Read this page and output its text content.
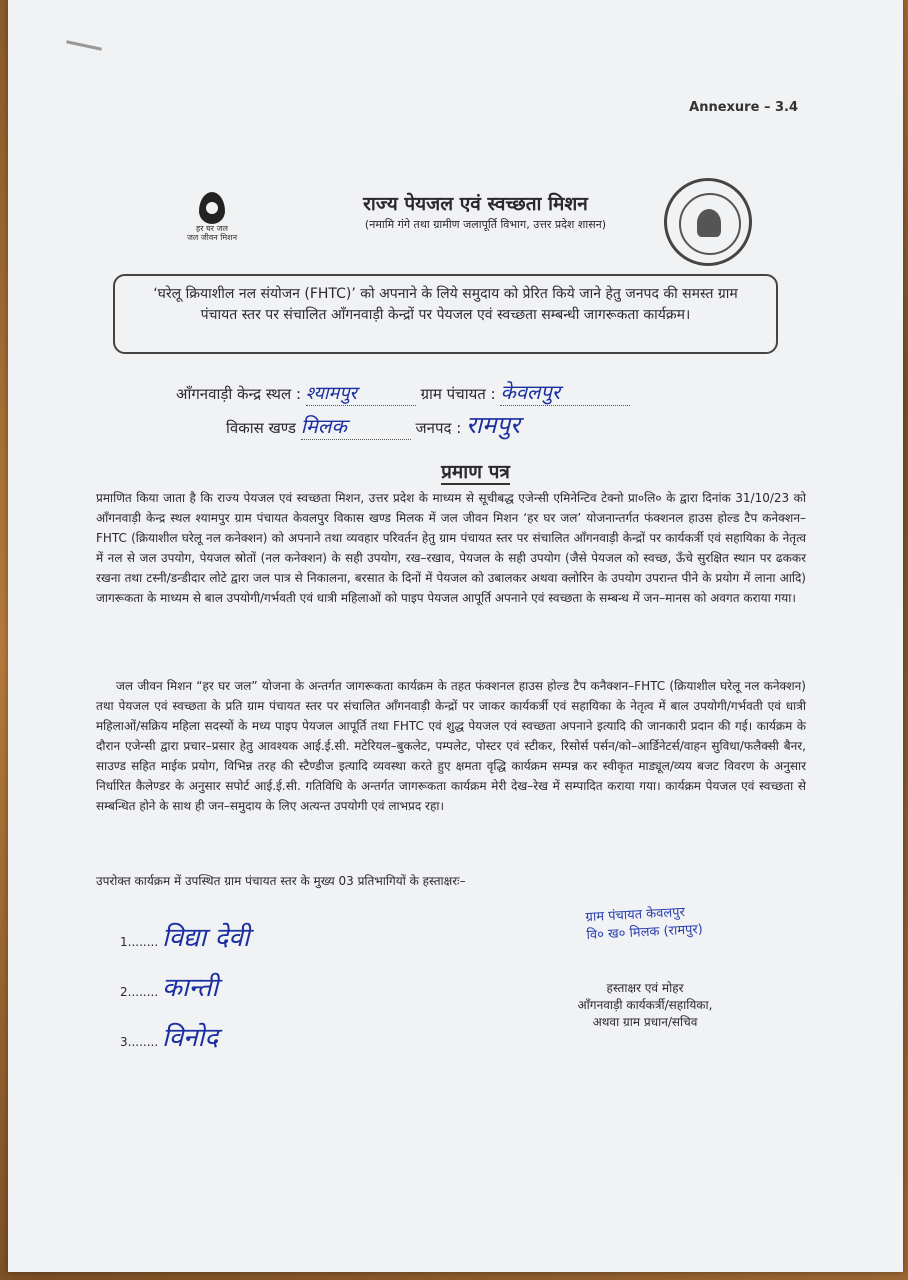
Annexure – 3.4
हर घर जल
जल जीवन मिशन
राज्य पेयजल एवं स्वच्छता मिशन
(नमामि गंगे तथा ग्रामीण जलापूर्ति विभाग, उत्तर प्रदेश शासन)
‘घरेलू क्रियाशील नल संयोजन (FHTC)’ को अपनाने के लिये समुदाय को प्रेरित किये जाने हेतु जनपद की समस्त ग्राम पंचायत स्तर पर संचालित आँगनवाड़ी केन्द्रों पर पेयजल एवं स्वच्छता सम्बन्धी जागरूकता कार्यक्रम।
आँगनवाड़ी केन्द्र स्थल : श्यामपुर	ग्राम पंचायत : केवलपुर
विकास खण्ड मिलक	जनपद : रामपुर
प्रमाण पत्र
प्रमाणित किया जाता है कि राज्य पेयजल एवं स्वच्छता मिशन, उत्तर प्रदेश के माध्यम से सूचीबद्ध एजेन्सी एमिनेन्टिव टेक्नो प्रा०लि० के द्वारा दिनांक 31/10/23 को आँगनवाड़ी केन्द्र स्थल श्यामपुर ग्राम पंचायत केवलपुर विकास खण्ड मिलक में जल जीवन मिशन ‘हर घर जल’ योजनान्तर्गत फंक्शनल हाउस होल्ड टैप कनेक्शन–FHTC (क्रियाशील घरेलू नल कनेक्शन) को अपनाने तथा व्यवहार परिवर्तन हेतु ग्राम पंचायत स्तर पर संचालित आँगनवाड़ी केन्द्रों पर कार्यकर्त्री एवं सहायिका के नेतृत्व में नल से जल उपयोग, पेयजल स्रोतों (नल कनेक्शन) के सही उपयोग, रख–रखाव, पेयजल के सही उपयोग (जैसे पेयजल को स्वच्छ, ऊँचे सुरक्षित स्थान पर ढककर रखना तथा टस्नी/डन्डीदार लोटे द्वारा जल पात्र से निकालना, बरसात के दिनों में पेयजल को उबालकर अथवा क्लोरिन के उपयोग उपरान्त पीने के प्रयोग में लाना आदि) जागरूकता के माध्यम से बाल उपयोगी/गर्भवती एवं धात्री महिलाओं को पाइप पेयजल आपूर्ति अपनाने एवं स्वच्छता के सम्बन्ध में जन–मानस को अवगत कराया गया।
जल जीवन मिशन “हर घर जल” योजना के अन्तर्गत जागरूकता कार्यक्रम के तहत फंक्शनल हाउस होल्ड टैप कनैक्शन–FHTC (क्रियाशील घरेलू नल कनेक्शन) तथा पेयजल एवं स्वच्छता के प्रति ग्राम पंचायत स्तर पर संचालित आँगनवाड़ी केन्द्रों पर जाकर कार्यकर्त्री एवं सहायिका के नेतृत्व में बाल उपयोगी/गर्भवती एवं धात्री महिलाओं/सक्रिय महिला सदस्यों के मध्य पाइप पेयजल आपूर्ति तथा FHTC एवं शुद्ध पेयजल एवं स्वच्छता अपनाने इत्यादि की जानकारी प्रदान की गई। कार्यक्रम के दौरान एजेन्सी द्वारा प्रचार–प्रसार हेतु आवश्यक आई.ई.सी. मटेरियल–बुकलेट, पम्पलेट, पोस्टर एवं स्टीकर, रिसोर्स पर्सन/को–आर्डिनेटर्स/वाहन सुविधा/फलैक्सी बैनर, साउण्ड सहित माईक प्रयोग, विभिन्न तरह की स्टैण्डीज इत्यादि व्यवस्था करते हुए क्षमता वृद्धि कार्यक्रम सम्पन्न कर स्वीकृत माड्यूल/व्यय बजट विवरण के अनुसार निर्धारित कैलेण्डर के अनुसार सपोर्ट आई.ई.सी. गतिविधि के अन्तर्गत जागरूकता कार्यक्रम मेरी देख–रेख में सम्पादित कराया गया। कार्यक्रम पेयजल एवं स्वच्छता से सम्बन्धित होने के साथ ही जन–समुदाय के लिए अत्यन्त उपयोगी एवं लाभप्रद रहा।
उपरोक्त कार्यक्रम में उपस्थित ग्राम पंचायत स्तर के मुख्य 03 प्रतिभागियों के हस्ताक्षरः–
1........ विद्या देवी
2........ कान्ती
3........ विनोद
ग्राम पंचायत केवलपुर
वि० ख० मिलक (रामपुर)
हस्ताक्षर एवं मोहर
आँगनवाड़ी कार्यकर्त्री/सहायिका,
अथवा ग्राम प्रधान/सचिव
